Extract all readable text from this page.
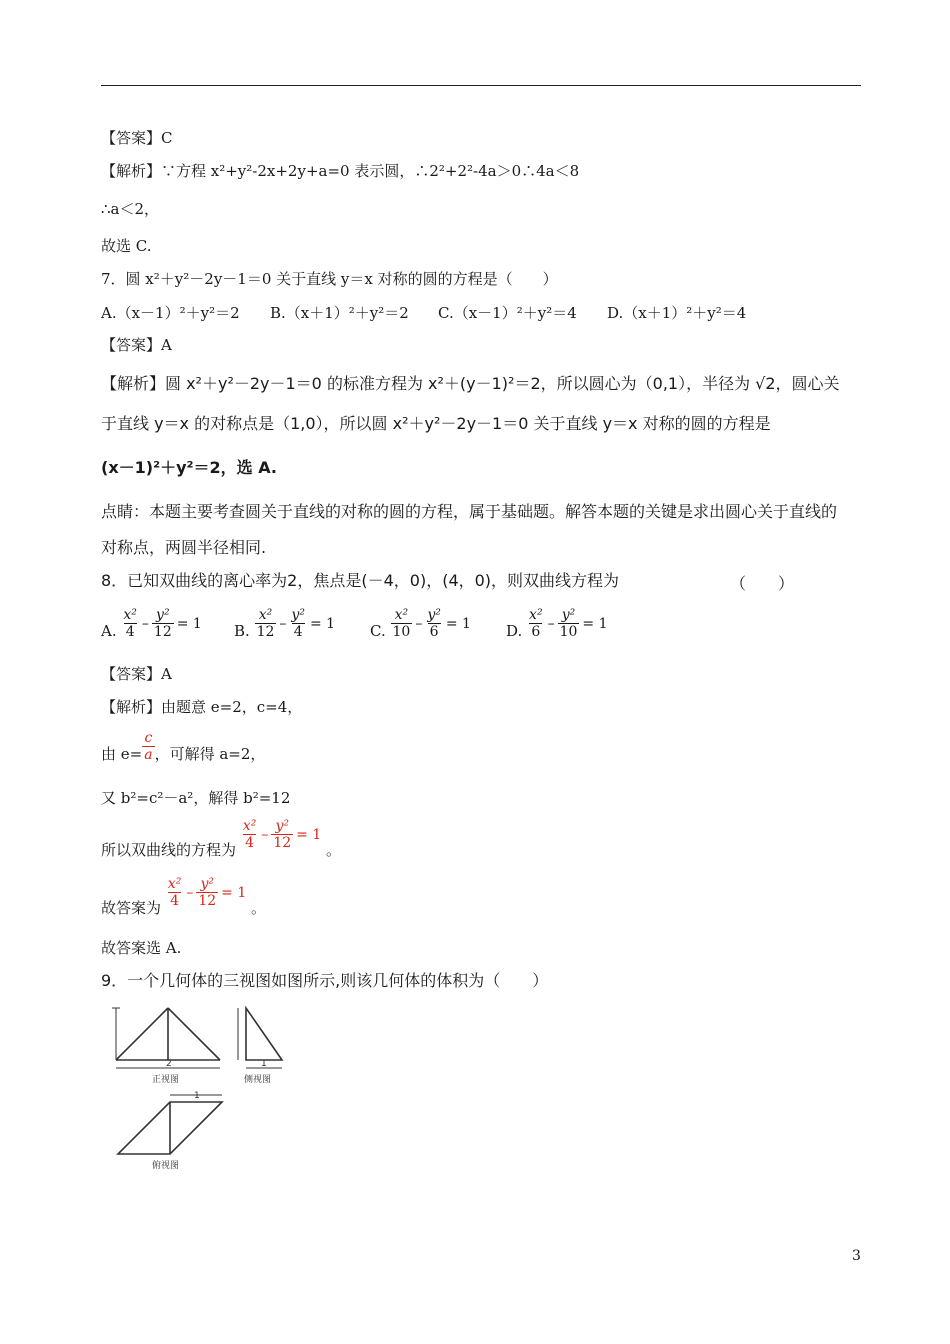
【答案】C
【解析】∵方程 x²+y²-2x+2y+a=0 表示圆，∴2²+2²-4a＞0∴4a＜8
∴a＜2，
故选 C.
7．圆 x²＋y²－2y－1＝0 关于直线 y＝x 对称的圆的方程是（　　）
A.（x－1）²＋y²＝2 B.（x＋1）²＋y²＝2 C.（x－1）²＋y²＝4 D.（x＋1）²＋y²＝4
【答案】A
【解析】圆 x²＋y²－2y－1＝0 的标准方程为 x²＋(y－1)²＝2，所以圆心为（0,1），半径为 √2，圆心关
于直线 y＝x 的对称点是（1,0），所以圆 x²＋y²－2y－1＝0 关于直线 y＝x 对称的圆的方程是
(x－1)²＋y²＝2，选 A.
点睛：本题主要考查圆关于直线的对称的圆的方程，属于基础题。解答本题的关键是求出圆心关于直线的
对称点，两圆半径相同.
8．已知双曲线的离心率为2，焦点是(－4，0)，(4，0)，则双曲线方程为	（　　）
A. $\frac{\text{x²}}{4} - \frac{\text{y²}}{12} = 1$ B. $\frac{\text{x²}}{12} - \frac{\text{y²}}{4} = 1$ C. $\frac{\text{x²}}{10} - \frac{\text{y²}}{6} = 1$ D. $\frac{\text{x²}}{6} - \frac{\text{y²}}{10} = 1$
【答案】A
【解析】由题意 e=2，c=4，
由 $e= \frac{c}{a}$ ，可解得 a=2，
又 b²=c²－a²，解得 b²=12
所以双曲线的方程为 $\frac{\text{x²}}{4} - \frac{\text{y²}}{12} = 1$
。
故答案为 $\frac{\text{x²}}{4} - \frac{\text{y²}}{12} = 1$
。
故答案选 A.
9．一个几何体的三视图如图所示,则该几何体的体积为（　　）
2	1
1
正视图	侧视图
俯视图
3
